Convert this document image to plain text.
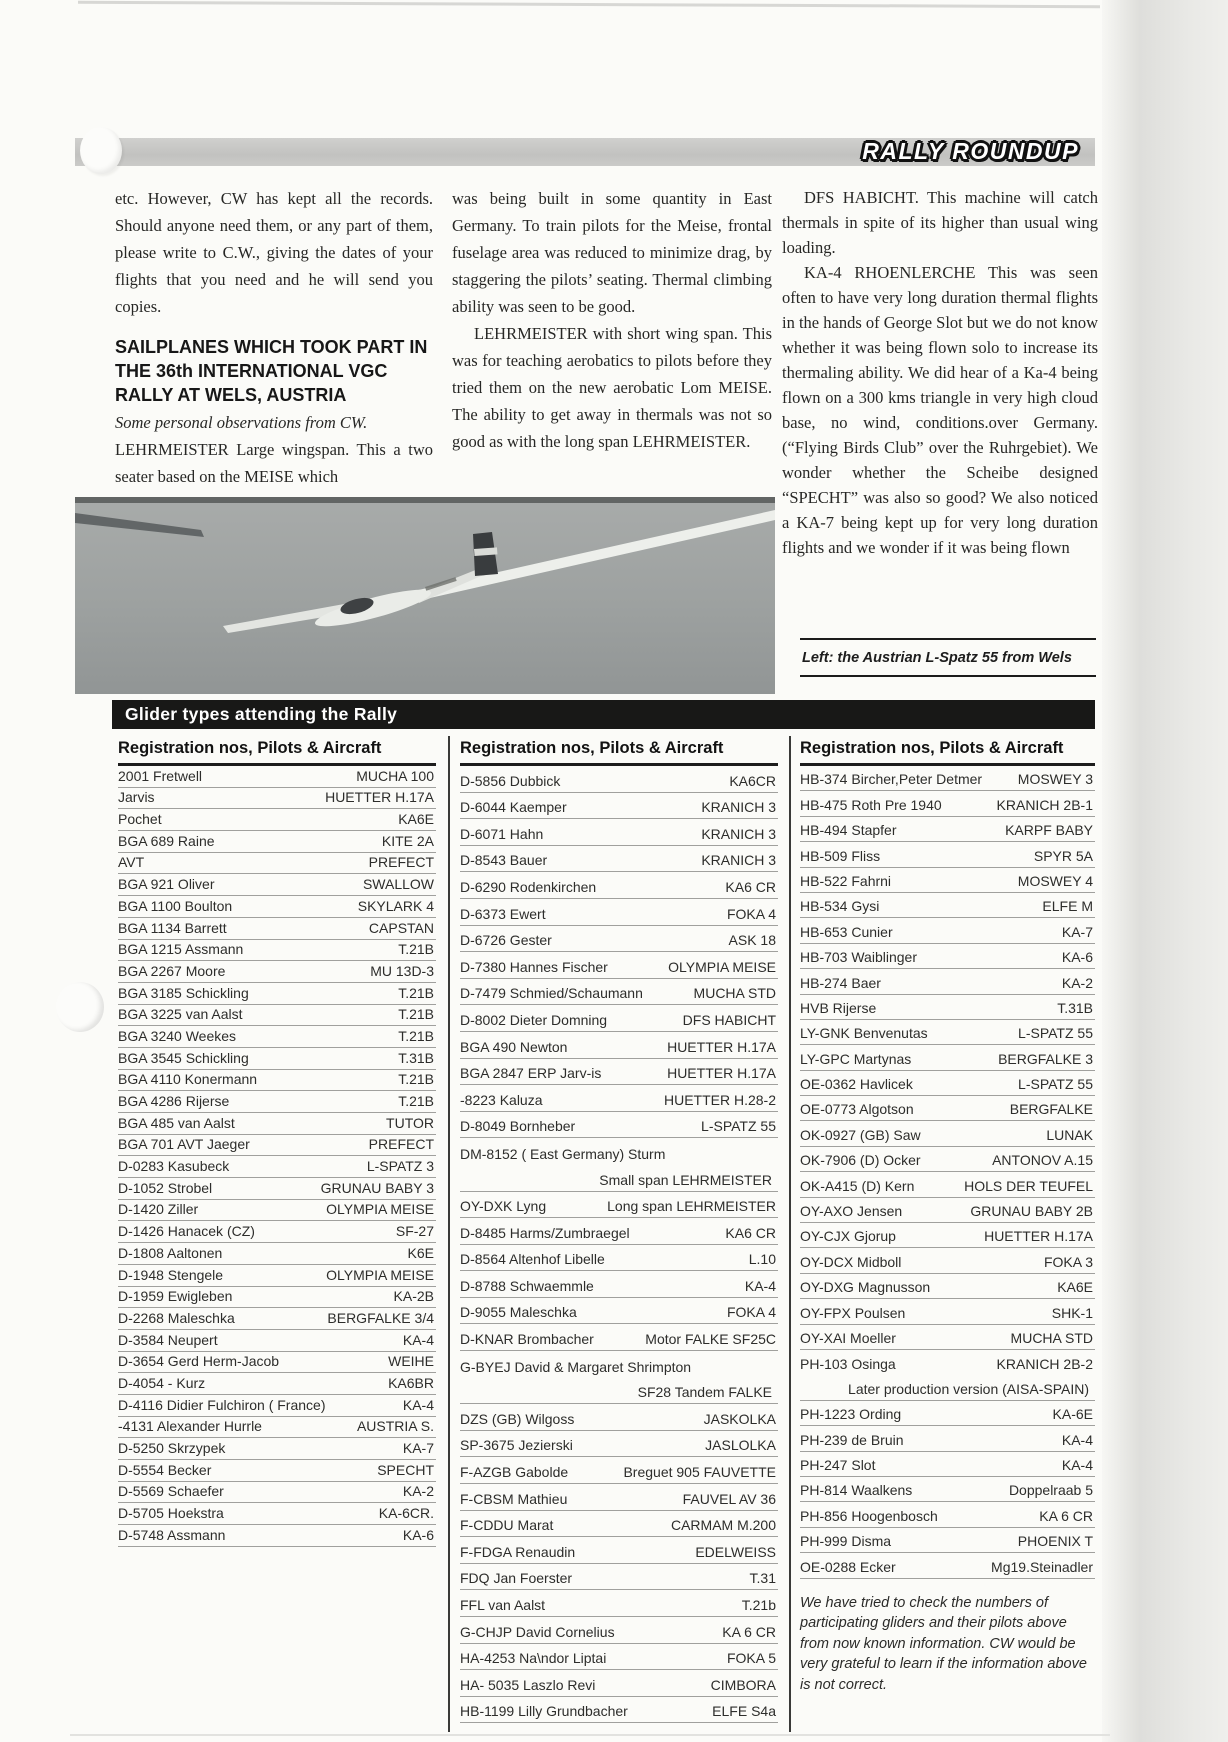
RALLY ROUNDUP

etc. However, CW has kept all the records. Should anyone need them, or any part of them, please write to C.W., giving the dates of your flights that you need and he will send you copies.

SAILPLANES WHICH TOOK PART IN THE 36th INTERNATIONAL VGC RALLY AT WELS, AUSTRIA

Some personal observations from CW.

LEHRMEISTER Large wingspan. This a two seater based on the MEISE which

was being built in some quantity in East Germany. To train pilots for the Meise, frontal fuselage area was reduced to minimize drag, by staggering the pilots’ seating. Thermal climbing ability was seen to be good.

LEHRMEISTER with short wing span. This was for teaching aerobatics to pilots before they tried them on the new aerobatic Lom MEISE. The ability to get away in thermals was not so good as with the long span LEHRMEISTER.

DFS HABICHT. This machine will catch thermals in spite of its higher than usual wing loading.

KA-4 RHOENLERCHE This was seen often to have very long duration thermal flights in the hands of George Slot but we do not know whether it was being flown solo to increase its thermaling ability. We did hear of a Ka-4 being flown on a 300 kms triangle in very high cloud base, no wind, conditions.over Germany. (“Flying Birds Club” over the Ruhrgebiet). We wonder whether the Scheibe designed “SPECHT” was also so good? We also noticed a KA-7 being kept up for very long duration flights and we wonder if it was being flown

Left: the Austrian L-Spatz 55 from Wels
Glider types attending the Rally
Registration nos, Pilots & Aircraft
2001 Fretwell	MUCHA 100
Jarvis	HUETTER H.17A
Pochet	KA6E
BGA 689 Raine	KITE 2A
AVT	PREFECT
BGA 921 Oliver	SWALLOW
BGA 1100 Boulton	SKYLARK 4
BGA 1134 Barrett	CAPSTAN
BGA 1215 Assmann	T.21B
BGA 2267 Moore	MU 13D-3
BGA 3185 Schickling	T.21B
BGA 3225 van Aalst	T.21B
BGA 3240 Weekes	T.21B
BGA 3545 Schickling	T.31B
BGA 4110 Konermann	T.21B
BGA 4286 Rijerse	T.21B
BGA 485 van Aalst	TUTOR
BGA 701 AVT Jaeger	PREFECT
D-0283 Kasubeck	L-SPATZ 3
D-1052 Strobel	GRUNAU BABY 3
D-1420 Ziller	OLYMPIA MEISE
D-1426 Hanacek (CZ)	SF-27
D-1808 Aaltonen	K6E
D-1948 Stengele	OLYMPIA MEISE
D-1959 Ewigleben	KA-2B
D-2268 Maleschka	BERGFALKE 3/4
D-3584 Neupert	KA-4
D-3654 Gerd Herm-Jacob	WEIHE
D-4054 - Kurz	KA6BR
D-4116 Didier Fulchiron ( France)	KA-4
-4131 Alexander Hurrle	AUSTRIA S.
D-5250 Skrzypek	KA-7
D-5554 Becker	SPECHT
D-5569 Schaefer	KA-2
D-5705 Hoekstra	KA-6CR.
D-5748 Assmann	KA-6
Registration nos, Pilots & Aircraft
D-5856 Dubbick	KA6CR
D-6044 Kaemper	KRANICH 3
D-6071 Hahn	KRANICH 3
D-8543 Bauer	KRANICH 3
D-6290 Rodenkirchen	KA6 CR
D-6373 Ewert	FOKA 4
D-6726 Gester	ASK 18
D-7380 Hannes Fischer	OLYMPIA MEISE
D-7479 Schmied/Schaumann	MUCHA STD
D-8002 Dieter Domning	DFS HABICHT
BGA 490 Newton	HUETTER H.17A
BGA 2847 ERP Jarv-is	HUETTER H.17A
-8223 Kaluza	HUETTER H.28-2
D-8049 Bornheber	L-SPATZ 55
DM-8152 ( East Germany) Sturm
Small span LEHRMEISTER
OY-DXK Lyng	Long span LEHRMEISTER
D-8485 Harms/Zumbraegel	KA6 CR
D-8564 Altenhof Libelle	L.10
D-8788 Schwaemmle	KA-4
D-9055 Maleschka	FOKA 4
D-KNAR Brombacher	Motor FALKE SF25C
G-BYEJ David & Margaret Shrimpton
SF28 Tandem FALKE
DZS (GB) Wilgoss	JASKOLKA
SP-3675 Jezierski	JASLOLKA
F-AZGB Gabolde	Breguet 905 FAUVETTE
F-CBSM Mathieu	FAUVEL AV 36
F-CDDU Marat	CARMAM M.200
F-FDGA Renaudin	EDELWEISS
FDQ Jan Foerster	T.31
FFL van Aalst	T.21b
G-CHJP David Cornelius	KA 6 CR
HA-4253 Na\ndor Liptai	FOKA 5
HA- 5035 Laszlo Revi	CIMBORA
HB-1199 Lilly Grundbacher	ELFE S4a
Registration nos, Pilots & Aircraft
HB-374 Bircher,Peter Detmer	MOSWEY 3
HB-475 Roth Pre 1940	KRANICH 2B-1
HB-494 Stapfer	KARPF BABY
HB-509 Fliss	SPYR 5A
HB-522 Fahrni	MOSWEY 4
HB-534 Gysi	ELFE M
HB-653 Cunier	KA-7
HB-703 Waiblinger	KA-6
HB-274 Baer	KA-2
HVB Rijerse	T.31B
LY-GNK Benvenutas	L-SPATZ 55
LY-GPC Martynas	BERGFALKE 3
OE-0362 Havlicek	L-SPATZ 55
OE-0773 Algotson	BERGFALKE
OK-0927 (GB) Saw	LUNAK
OK-7906 (D) Ocker	ANTONOV A.15
OK-A415 (D) Kern	HOLS DER TEUFEL
OY-AXO Jensen	GRUNAU BABY 2B
OY-CJX Gjorup	HUETTER H.17A
OY-DCX Midboll	FOKA 3
OY-DXG Magnusson	KA6E
OY-FPX Poulsen	SHK-1
OY-XAI Moeller	MUCHA STD
PH-103 Osinga	KRANICH 2B-2
Later production version (AISA-SPAIN)
PH-1223 Ording	KA-6E
PH-239 de Bruin	KA-4
PH-247 Slot	KA-4
PH-814 Waalkens	Doppelraab 5
PH-856 Hoogenbosch	KA 6 CR
PH-999 Disma	PHOENIX T
OE-0288 Ecker	Mg19.Steinadler

We have tried to check the numbers of participating gliders and their pilots above from now known information. CW would be very grateful to learn if the information above is not correct.
